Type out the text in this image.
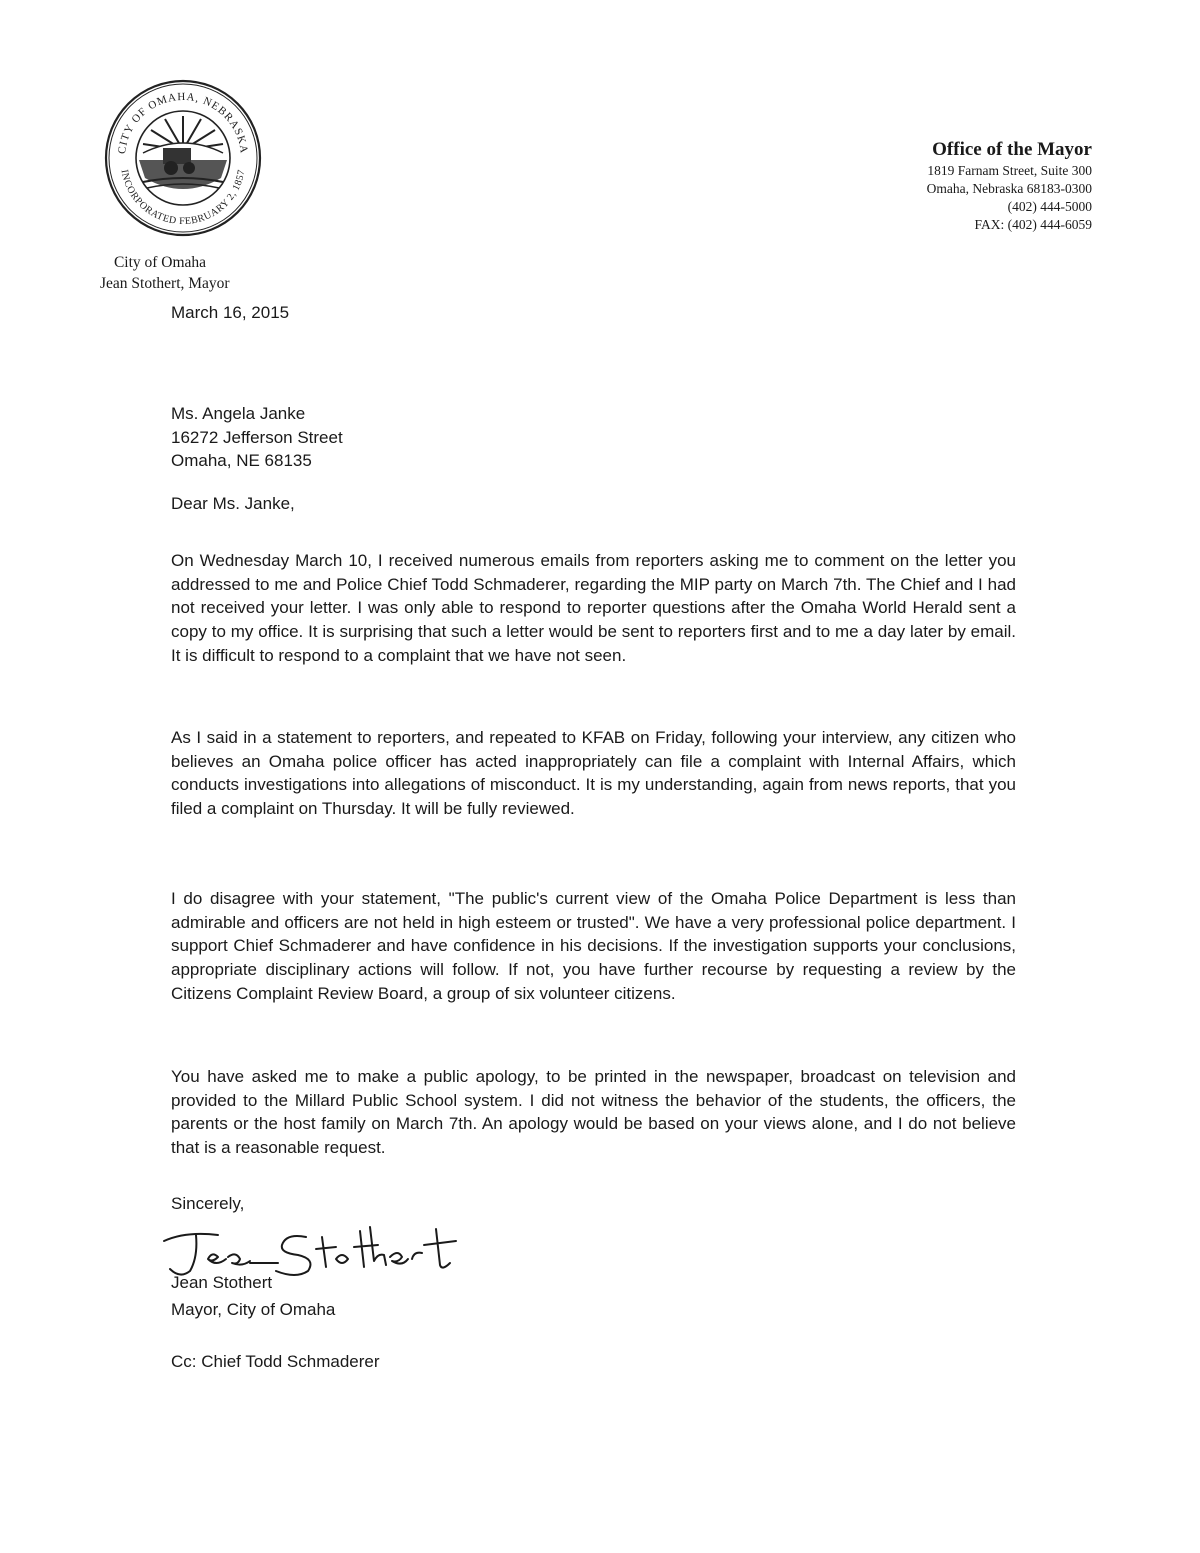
CITY OF OMAHA, NEBRASKA
INCORPORATED FEBRUARY 2, 1857
City of Omaha
Jean Stothert, Mayor
Office of the Mayor
1819 Farnam Street, Suite 300
Omaha, Nebraska 68183-0300
(402) 444-5000
FAX: (402) 444-6059

March 16, 2015

Ms. Angela Janke
16272 Jefferson Street
Omaha, NE 68135

Dear Ms. Janke,

On Wednesday March 10, I received numerous emails from reporters asking me to comment on the letter you addressed to me and Police Chief Todd Schmaderer, regarding the MIP party on March 7th. The Chief and I had not received your letter. I was only able to respond to reporter questions after the Omaha World Herald sent a copy to my office. It is surprising that such a letter would be sent to reporters first and to me a day later by email. It is difficult to respond to a complaint that we have not seen.

As I said in a statement to reporters, and repeated to KFAB on Friday, following your interview, any citizen who believes an Omaha police officer has acted inappropriately can file a complaint with Internal Affairs, which conducts investigations into allegations of misconduct. It is my understanding, again from news reports, that you filed a complaint on Thursday. It will be fully reviewed.

I do disagree with your statement, "The public's current view of the Omaha Police Department is less than admirable and officers are not held in high esteem or trusted". We have a very professional police department. I support Chief Schmaderer and have confidence in his decisions. If the investigation supports your conclusions, appropriate disciplinary actions will follow. If not, you have further recourse by requesting a review by the Citizens Complaint Review Board, a group of six volunteer citizens.

You have asked me to make a public apology, to be printed in the newspaper, broadcast on television and provided to the Millard Public School system. I did not witness the behavior of the students, the officers, the parents or the host family on March 7th. An apology would be based on your views alone, and I do not believe that is a reasonable request.

Sincerely,

Jean Stothert

Jean Stothert

Mayor, City of Omaha

Cc: Chief Todd Schmaderer
